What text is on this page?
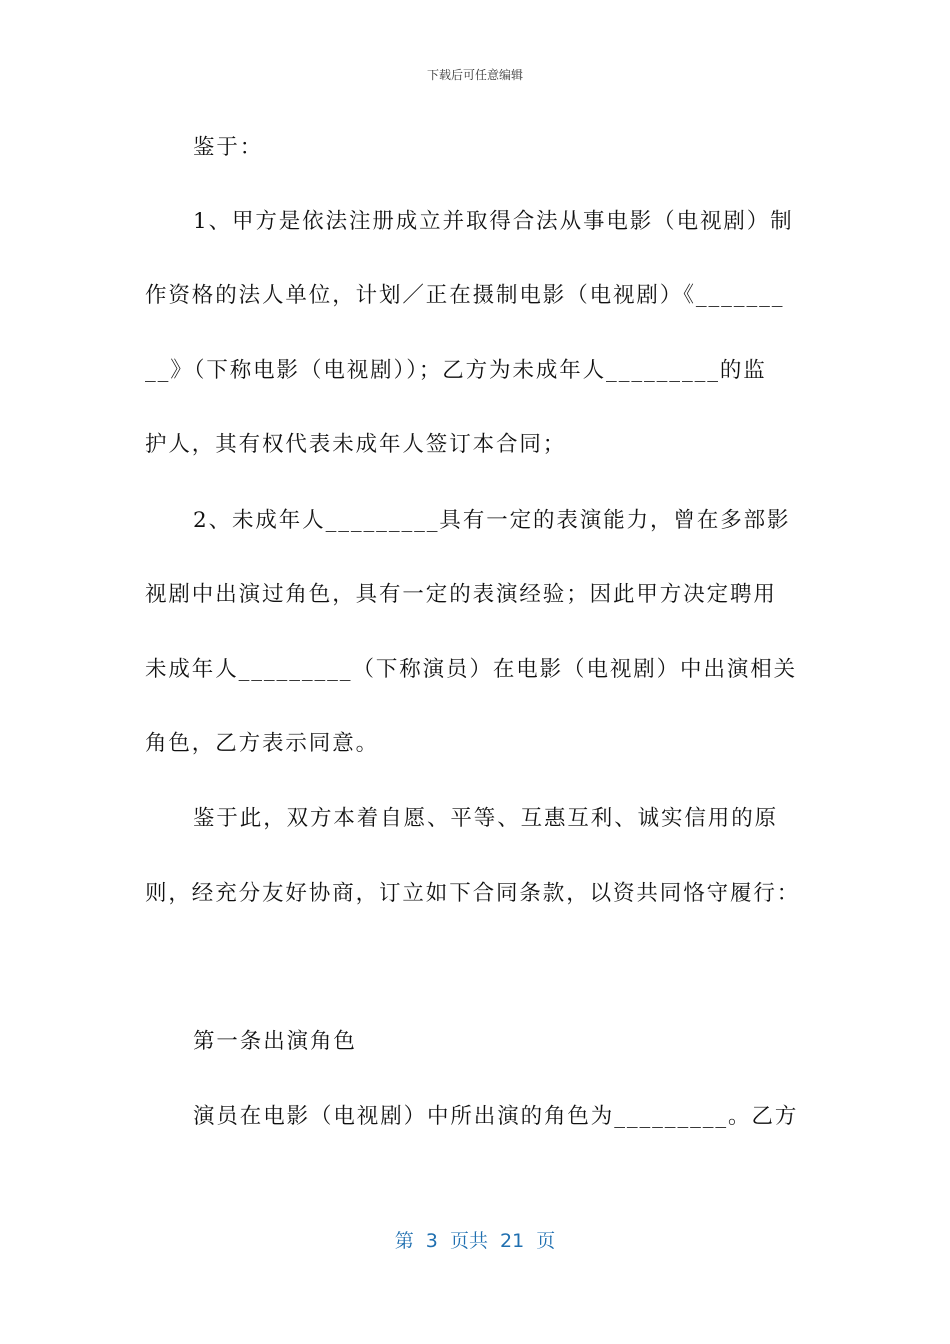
下载后可任意编辑
鉴于：
1、甲方是依法注册成立并取得合法从事电影（电视剧）制
作资格的法人单位，计划／正在摄制电影（电视剧）《_______
__》（下称电影（电视剧））；乙方为未成年人_________的监
护人，其有权代表未成年人签订本合同；
2、未成年人_________具有一定的表演能力，曾在多部影
视剧中出演过角色，具有一定的表演经验；因此甲方决定聘用
未成年人_________（下称演员）在电影（电视剧）中出演相关
角色，乙方表示同意。
鉴于此，双方本着自愿、平等、互惠互利、诚实信用的原
则，经充分友好协商，订立如下合同条款，以资共同恪守履行：
第一条出演角色
演员在电影（电视剧）中所出演的角色为_________。乙方
第  3  页共  21  页
